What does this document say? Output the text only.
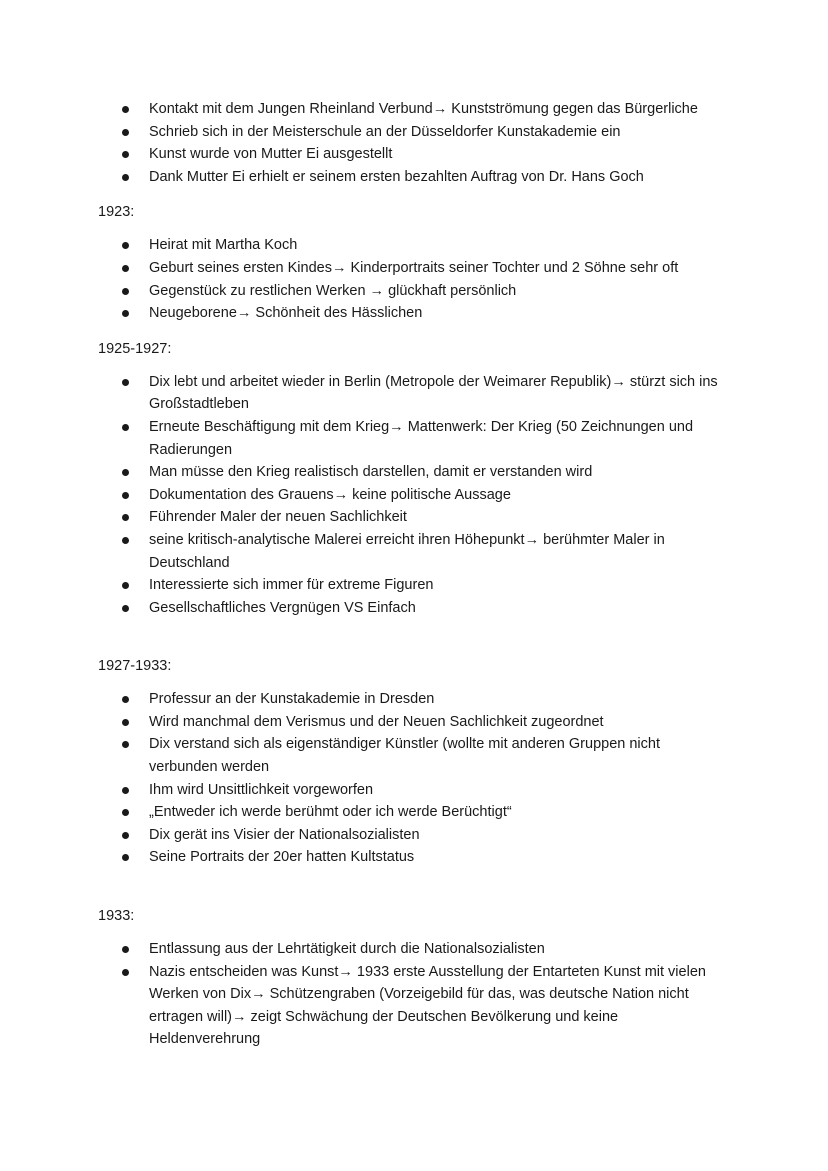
Kontakt mit dem Jungen Rheinland Verbund→ Kunstströmung gegen das Bürgerliche
Schrieb sich in der Meisterschule an der Düsseldorfer Kunstakademie ein
Kunst wurde von Mutter Ei ausgestellt
Dank Mutter Ei erhielt er seinem ersten bezahlten Auftrag von Dr. Hans Goch

1923:

Heirat mit Martha Koch
Geburt seines ersten Kindes→ Kinderportraits seiner Tochter und 2 Söhne sehr oft
Gegenstück zu restlichen Werken → glückhaft persönlich
Neugeborene→ Schönheit des Hässlichen

1925-1927:

Dix lebt und arbeitet wieder in Berlin (Metropole der Weimarer Republik)→ stürzt sich ins Großstadtleben
Erneute Beschäftigung mit dem Krieg→ Mattenwerk: Der Krieg (50 Zeichnungen und Radierungen
Man müsse den Krieg realistisch darstellen, damit er verstanden wird
Dokumentation des Grauens→ keine politische Aussage
Führender Maler der neuen Sachlichkeit
seine kritisch-analytische Malerei erreicht ihren Höhepunkt→ berühmter Maler in Deutschland
Interessierte sich immer für extreme Figuren
Gesellschaftliches Vergnügen VS Einfach

1927-1933:

Professur an der Kunstakademie in Dresden
Wird manchmal dem Verismus und der Neuen Sachlichkeit zugeordnet
Dix verstand sich als eigenständiger Künstler (wollte mit anderen Gruppen nicht verbunden werden
Ihm wird Unsittlichkeit vorgeworfen
„Entweder ich werde berühmt oder ich werde Berüchtigt“
Dix gerät ins Visier der Nationalsozialisten
Seine Portraits der 20er hatten Kultstatus

1933:

Entlassung aus der Lehrtätigkeit durch die Nationalsozialisten
Nazis entscheiden was Kunst→ 1933 erste Ausstellung der Entarteten Kunst mit vielen Werken von Dix→ Schützengraben (Vorzeigebild für das, was deutsche Nation nicht ertragen will)→ zeigt Schwächung der Deutschen Bevölkerung und keine Heldenverehrung
